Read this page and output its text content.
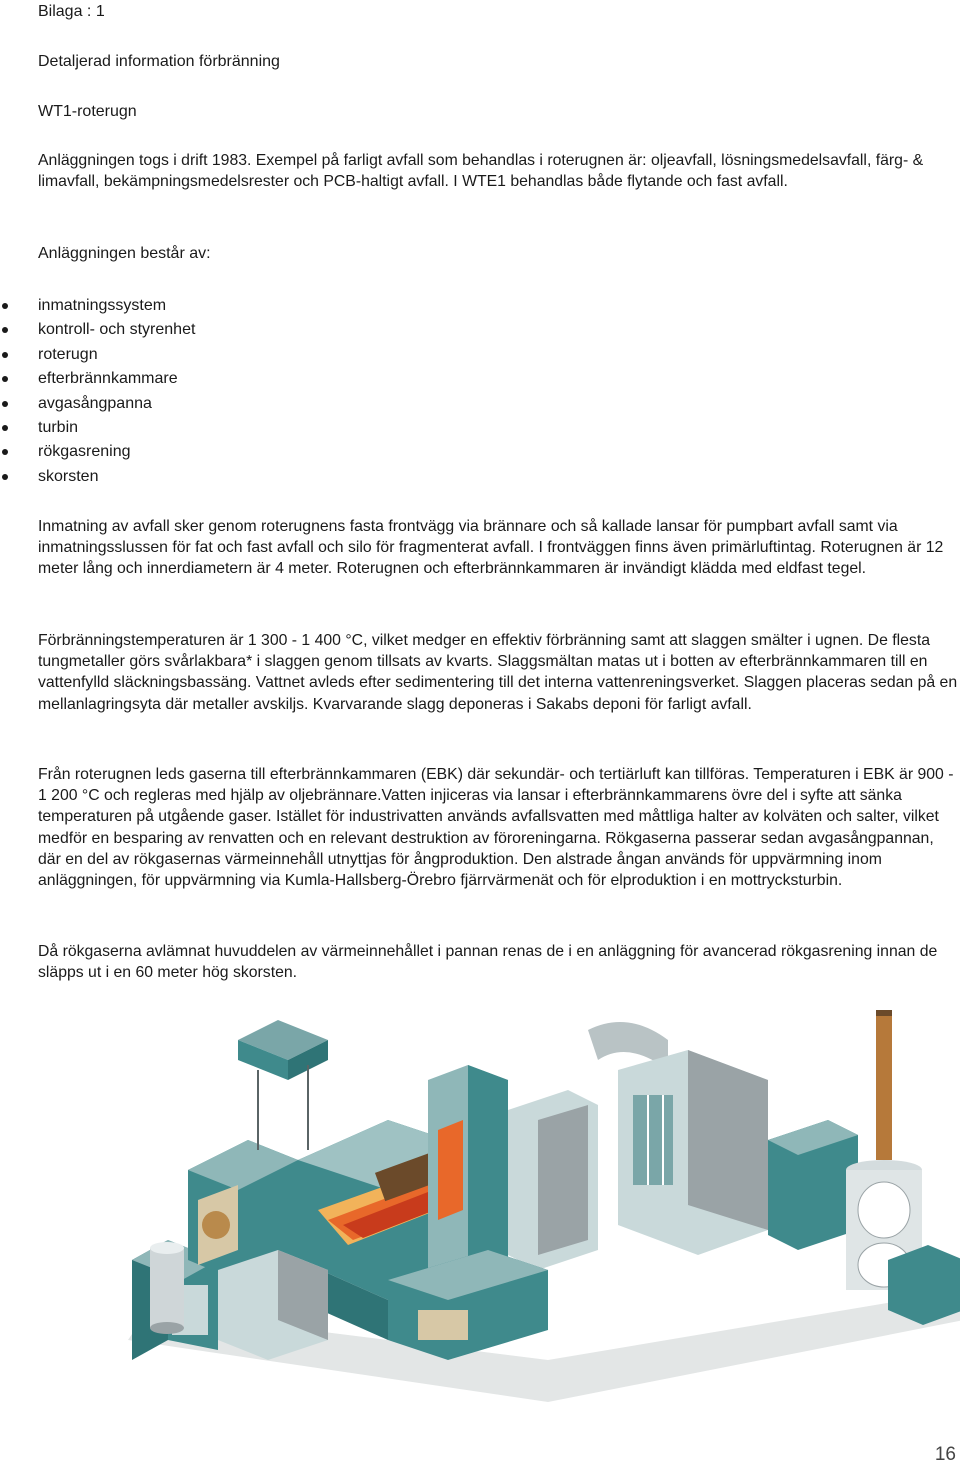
Bilaga : 1
Detaljerad information förbränning
WT1-roterugn
Anläggningen togs i drift 1983. Exempel på farligt avfall som behandlas i roterugnen är: oljeavfall, lösningsmedelsavfall, färg- & limavfall, bekämpningsmedelsrester och PCB-haltigt avfall. I WTE1 behandlas både flytande och fast avfall.
Anläggningen består av:
inmatningssystem
kontroll- och styrenhet
roterugn
efterbrännkammare
avgasångpanna
turbin
rökgasrening
skorsten
Inmatning av avfall sker genom roterugnens fasta frontvägg via brännare och så kallade lansar för pumpbart avfall samt via inmatningsslussen för fat och fast avfall och silo för fragmenterat avfall. I frontväggen finns även primärluftintag. Roterugnen är 12 meter lång och innerdiametern är 4 meter. Roterugnen och efterbrännkammaren är invändigt klädda med eldfast tegel.
Förbränningstemperaturen är 1 300 - 1 400 °C, vilket medger en effektiv förbränning samt att slaggen smälter i ugnen. De flesta tungmetaller görs svårlakbara* i slaggen genom tillsats av kvarts. Slaggsmältan matas ut i botten av efterbrännkammaren till en vattenfylld släckningsbassäng. Vattnet avleds efter sedimentering till det interna vattenreningsverket. Slaggen placeras sedan på en mellanlagringsyta där metaller avskiljs. Kvarvarande slagg deponeras i Sakabs deponi för farligt avfall.
Från roterugnen leds gaserna till efterbrännkammaren (EBK) där sekundär- och tertiärluft kan tillföras. Temperaturen i EBK är 900 - 1 200 °C och regleras med hjälp av oljebrännare.Vatten injiceras via lansar i efterbrännkammarens övre del i syfte att sänka temperaturen på utgående gaser. Istället för industrivatten används avfallsvatten med måttliga halter av kolväten och salter, vilket medför en besparing av renvatten och en relevant destruktion av föroreningarna. Rökgaserna passerar sedan avgasångpannan, där en del av rökgasernas värmeinnehåll utnyttjas för ångproduktion. Den alstrade ångan används för uppvärmning inom anläggningen, för uppvärmning via Kumla-Hallsberg-Örebro fjärrvärmenät och för elproduktion i en mottrycksturbin.
Då rökgaserna avlämnat huvuddelen av värmeinnehållet i pannan renas de i en anläggning för avancerad rökgasrening innan de släpps ut i en 60 meter hög skorsten.
16
